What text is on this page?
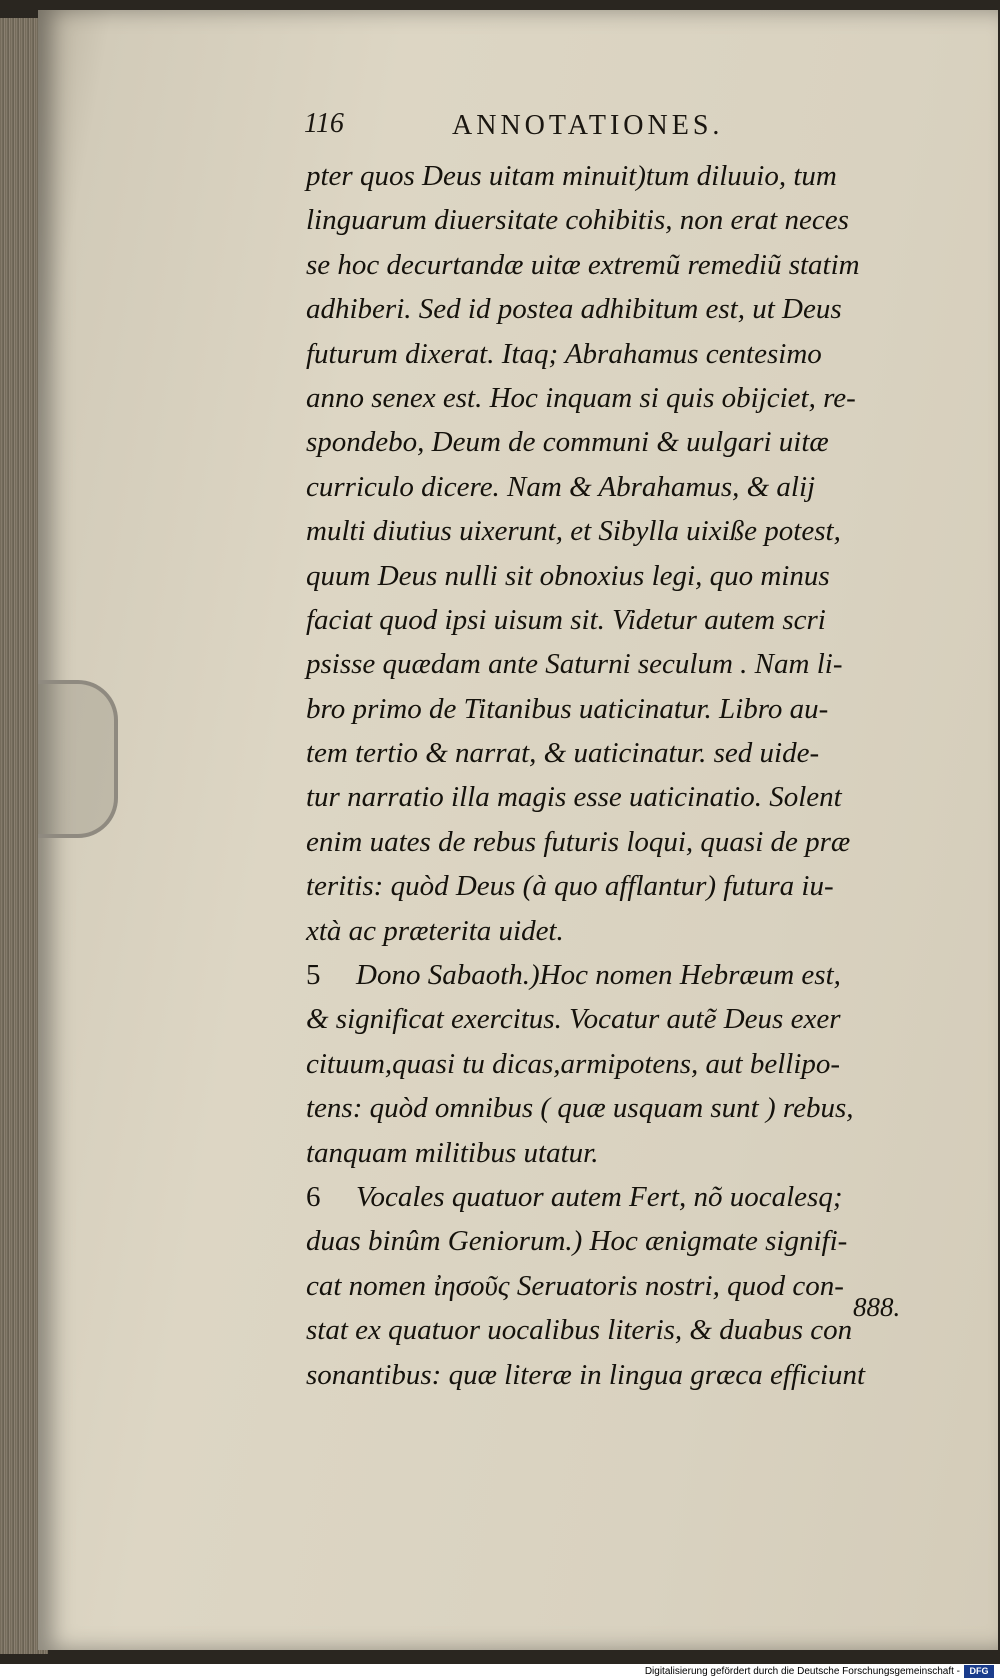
116	ANNOTATIONES.
pter quos Deus uitam minuit)tum diluuio, tum
linguarum diuersitate cohibitis, non erat neces
se hoc decurtandæ uitæ extremũ remediũ statim
adhiberi. Sed id postea adhibitum est, ut Deus
futurum dixerat. Itaq; Abrahamus centesimo
anno senex est. Hoc inquam si quis obijciet, re-
spondebo, Deum de communi & uulgari uitæ
curriculo dicere. Nam & Abrahamus, & alij
multi diutius uixerunt, et Sibylla uixiße potest,
quum Deus nulli sit obnoxius legi, quo minus
faciat quod ipsi uisum sit. Videtur autem scri
psisse quædam ante Saturni seculum . Nam li-
bro primo de Titanibus uaticinatur. Libro au-
tem tertio & narrat, & uaticinatur. sed uide-
tur narratio illa magis esse uaticinatio. Solent
enim uates de rebus futuris loqui, quasi de præ
teritis: quòd Deus (à quo afflantur) futura iu-
xtà ac præterita uidet.
5 Dono Sabaoth.)Hoc nomen Hebræum est,
& significat exercitus. Vocatur autẽ Deus exer
cituum,quasi tu dicas,armipotens, aut bellipo-
tens: quòd omnibus ( quæ usquam sunt ) rebus,
tanquam militibus utatur.
6 Vocales quatuor autem Fert, nõ uocalesq;
duas binûm Geniorum.) Hoc ænigmate signifi-
cat nomen ἰησοῦς Seruatoris nostri, quod con-
stat ex quatuor uocalibus literis, & duabus con
sonantibus: quæ literæ in lingua græca efficiunt
888.
Digitalisierung gefördert durch die Deutsche Forschungsgemeinschaft -	DFG
